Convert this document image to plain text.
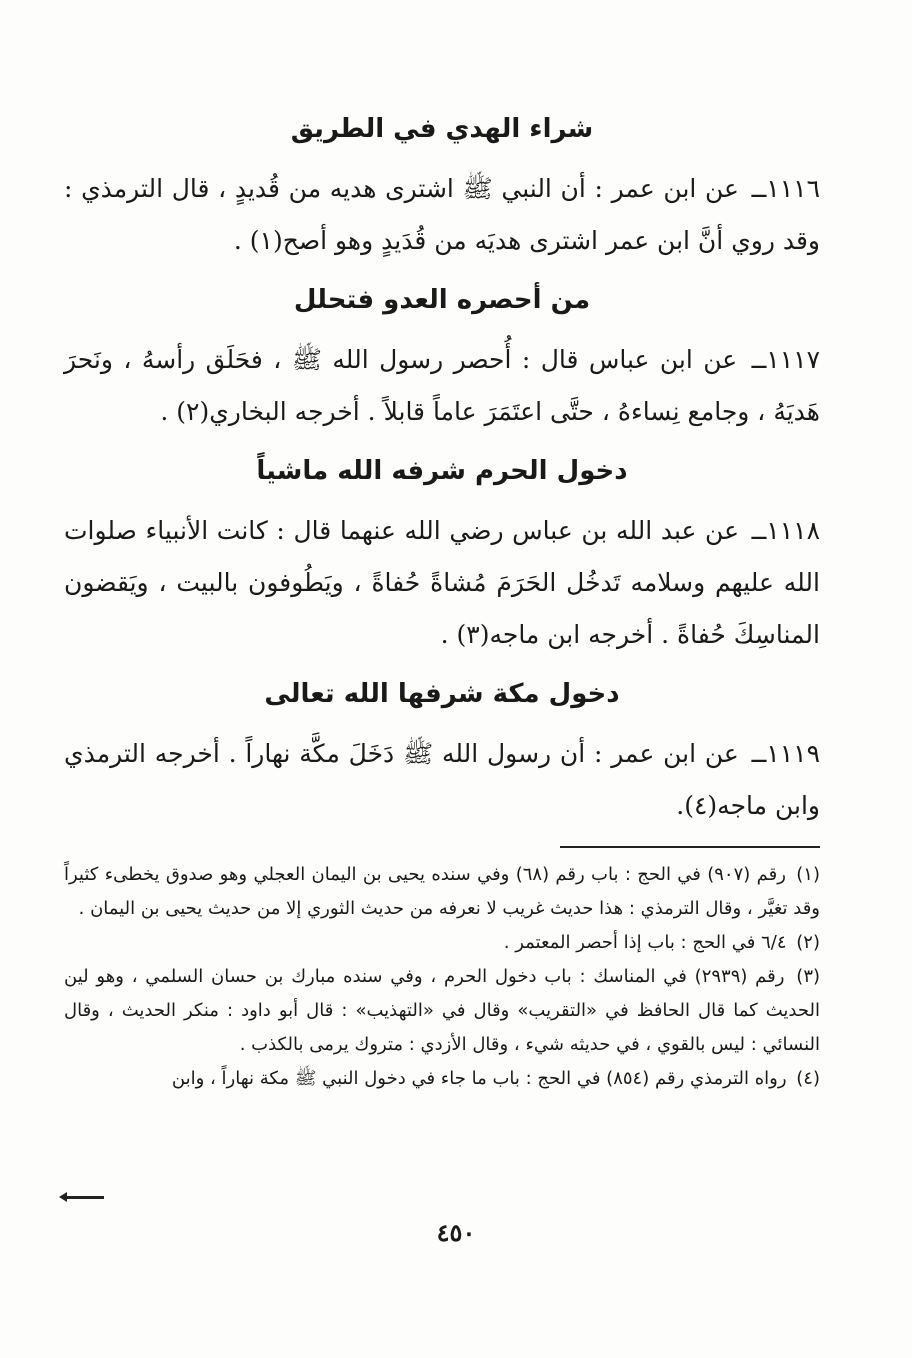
شراء الهدي في الطريق

١١١٦ــ عن ابن عمر : أن النبي ﷺ اشترى هديه من قُديدٍ ، قال الترمذي : وقد روي أنَّ ابن عمر اشترى هديَه من قُدَيدٍ وهو أصح(١) .

من أحصره العدو فتحلل

١١١٧ــ عن ابن عباس قال : أُحصر رسول الله ﷺ ، فحَلَق رأسهُ ، ونَحرَ هَديَهُ ، وجامع نِساءهُ ، حتَّى اعتَمَرَ عاماً قابلاً . أخرجه البخاري(٢) .

دخول الحرم شرفه الله ماشياً

١١١٨ــ عن عبد الله بن عباس رضي الله عنهما قال : كانت الأنبياء صلوات الله عليهم وسلامه تَدخُل الحَرَمَ مُشاةً حُفاةً ، ويَطُوفون بالبيت ، ويَقضون المناسِكَ حُفاةً . أخرجه ابن ماجه(٣) .

دخول مكة شرفها الله تعالى

١١١٩ــ عن ابن عمر : أن رسول الله ﷺ دَخَلَ مكَّة نهاراً . أخرجه الترمذي وابن ماجه(٤).

(١) رقم (٩٠٧) في الحج : باب رقم (٦٨) وفي سنده يحيى بن اليمان العجلي وهو صدوق يخطىء كثيراً وقد تغيَّر ، وقال الترمذي : هذا حديث غريب لا نعرفه من حديث الثوري إلا من حديث يحيى بن اليمان .

(٢) ٦/٤ في الحج : باب إذا أحصر المعتمر .

(٣) رقم (٢٩٣٩) في المناسك : باب دخول الحرم ، وفي سنده مبارك بن حسان السلمي ، وهو لين الحديث كما قال الحافظ في «التقريب» وقال في «التهذيب» : قال أبو داود : منكر الحديث ، وقال النسائي : ليس بالقوي ، في حديثه شيء ، وقال الأزدي : متروك يرمى بالكذب .

(٤) رواه الترمذي رقم (٨٥٤) في الحج : باب ما جاء في دخول النبي ﷺ مكة نهاراً ، وابن

٤٥٠
